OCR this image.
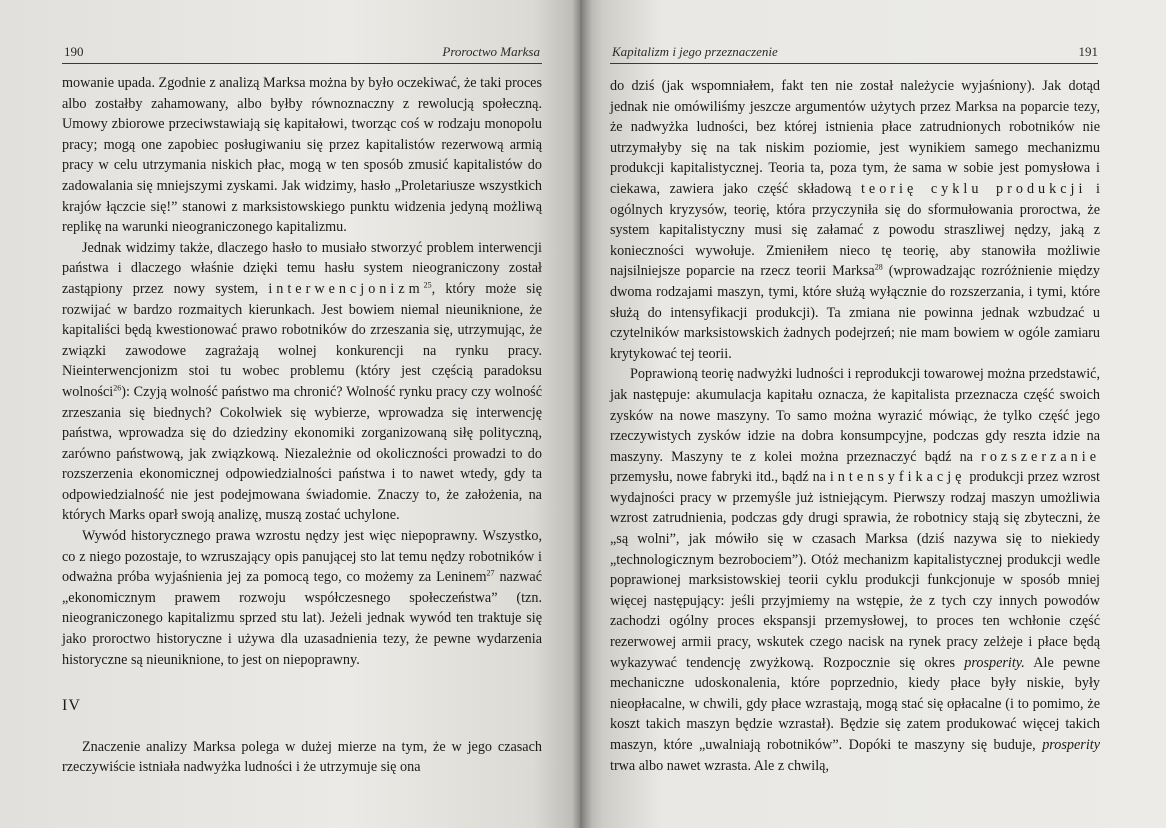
190	Proroctwo Marksa

mowanie upada. Zgodnie z analizą Marksa można by było oczekiwać, że taki proces albo zostałby zahamowany, albo byłby równoznaczny z rewolucją społeczną. Umowy zbiorowe przeciwstawiają się kapitałowi, tworząc coś w rodzaju monopolu pracy; mogą one zapobiec posługiwaniu się przez kapitalistów rezerwową armią pracy w celu utrzymania niskich płac, mogą w ten sposób zmusić kapitalistów do zadowalania się mniejszymi zyskami. Jak widzimy, hasło „Proletariusze wszystkich krajów łączcie się!” stanowi z marksistowskiego punktu widzenia jedyną możliwą replikę na warunki nieograniczonego kapitalizmu.

Jednak widzimy także, dlaczego hasło to musiało stworzyć problem interwencji państwa i dlaczego właśnie dzięki temu hasłu system nieograniczony został zastąpiony przez nowy system, interwencjonizm$^{25}$, który może się rozwijać w bardzo rozmaitych kierunkach. Jest bowiem niemal nieuniknione, że kapitaliści będą kwestionować prawo robotników do zrzeszania się, utrzymując, że związki zawodowe zagrażają wolnej konkurencji na rynku pracy. Nieinterwencjonizm stoi tu wobec problemu (który jest częścią paradoksu wolności$^{26}$): Czyją wolność państwo ma chronić? Wolność rynku pracy czy wolność zrzeszania się biednych? Cokolwiek się wybierze, wprowadza się interwencję państwa, wprowadza się do dziedziny ekonomiki zorganizowaną siłę polityczną, zarówno państwową, jak związkową. Niezależnie od okoliczności prowadzi to do rozszerzenia ekonomicznej odpowiedzialności państwa i to nawet wtedy, gdy ta odpowiedzialność nie jest podejmowana świadomie. Znaczy to, że założenia, na których Marks oparł swoją analizę, muszą zostać uchylone.

Wywód historycznego prawa wzrostu nędzy jest więc niepoprawny. Wszystko, co z niego pozostaje, to wzruszający opis panującej sto lat temu nędzy robotników i odważna próba wyjaśnienia jej za pomocą tego, co możemy za Leninem$^{27}$ nazwać „ekonomicznym prawem rozwoju współczesnego społeczeństwa” (tzn. nieograniczonego kapitalizmu sprzed stu lat). Jeżeli jednak wywód ten traktuje się jako proroctwo historyczne i używa dla uzasadnienia tezy, że pewne wydarzenia historyczne są nieuniknione, to jest on niepoprawny.

IV

Znaczenie analizy Marksa polega w dużej mierze na tym, że w jego czasach rzeczywiście istniała nadwyżka ludności i że utrzymuje się ona

Kapitalizm i jego przeznaczenie	191

do dziś (jak wspomniałem, fakt ten nie został należycie wyjaśniony). Jak dotąd jednak nie omówiliśmy jeszcze argumentów użytych przez Marksa na poparcie tezy, że nadwyżka ludności, bez której istnienia płace zatrudnionych robotników nie utrzymałyby się na tak niskim poziomie, jest wynikiem samego mechanizmu produkcji kapitalistycznej. Teoria ta, poza tym, że sama w sobie jest pomysłowa i ciekawa, zawiera jako część składową teorię cyklu produkcji i ogólnych kryzysów, teorię, która przyczyniła się do sformułowania proroctwa, że system kapitalistyczny musi się załamać z powodu straszliwej nędzy, jaką z konieczności wywołuje. Zmieniłem nieco tę teorię, aby stanowiła możliwie najsilniejsze poparcie na rzecz teorii Marksa$^{28}$ (wprowadzając rozróżnienie między dwoma rodzajami maszyn, tymi, które służą wyłącznie do rozszerzania, i tymi, które służą do intensyfikacji produkcji). Ta zmiana nie powinna jednak wzbudzać u czytelników marksistowskich żadnych podejrzeń; nie mam bowiem w ogóle zamiaru krytykować tej teorii.

Poprawioną teorię nadwyżki ludności i reprodukcji towarowej można przedstawić, jak następuje: akumulacja kapitału oznacza, że kapitalista przeznacza część swoich zysków na nowe maszyny. To samo można wyrazić mówiąc, że tylko część jego rzeczywistych zysków idzie na dobra konsumpcyjne, podczas gdy reszta idzie na maszyny. Maszyny te z kolei można przeznaczyć bądź na rozszerzanie przemysłu, nowe fabryki itd., bądź na intensyfikację produkcji przez wzrost wydajności pracy w przemyśle już istniejącym. Pierwszy rodzaj maszyn umożliwia wzrost zatrudnienia, podczas gdy drugi sprawia, że robotnicy stają się zbyteczni, że „są wolni”, jak mówiło się w czasach Marksa (dziś nazywa się to niekiedy „technologicznym bezrobociem”). Otóż mechanizm kapitalistycznej produkcji wedle poprawionej marksistowskiej teorii cyklu produkcji funkcjonuje w sposób mniej więcej następujący: jeśli przyjmiemy na wstępie, że z tych czy innych powodów zachodzi ogólny proces ekspansji przemysłowej, to proces ten wchłonie część rezerwowej armii pracy, wskutek czego nacisk na rynek pracy zelżeje i płace będą wykazywać tendencję zwyżkową. Rozpocznie się okres prosperity. Ale pewne mechaniczne udoskonalenia, które poprzednio, kiedy płace były niskie, były nieopłacalne, w chwili, gdy płace wzrastają, mogą stać się opłacalne (i to pomimo, że koszt takich maszyn będzie wzrastał). Będzie się zatem produkować więcej takich maszyn, które „uwalniają robotników”. Dopóki te maszyny się buduje, prosperity trwa albo nawet wzrasta. Ale z chwilą,
